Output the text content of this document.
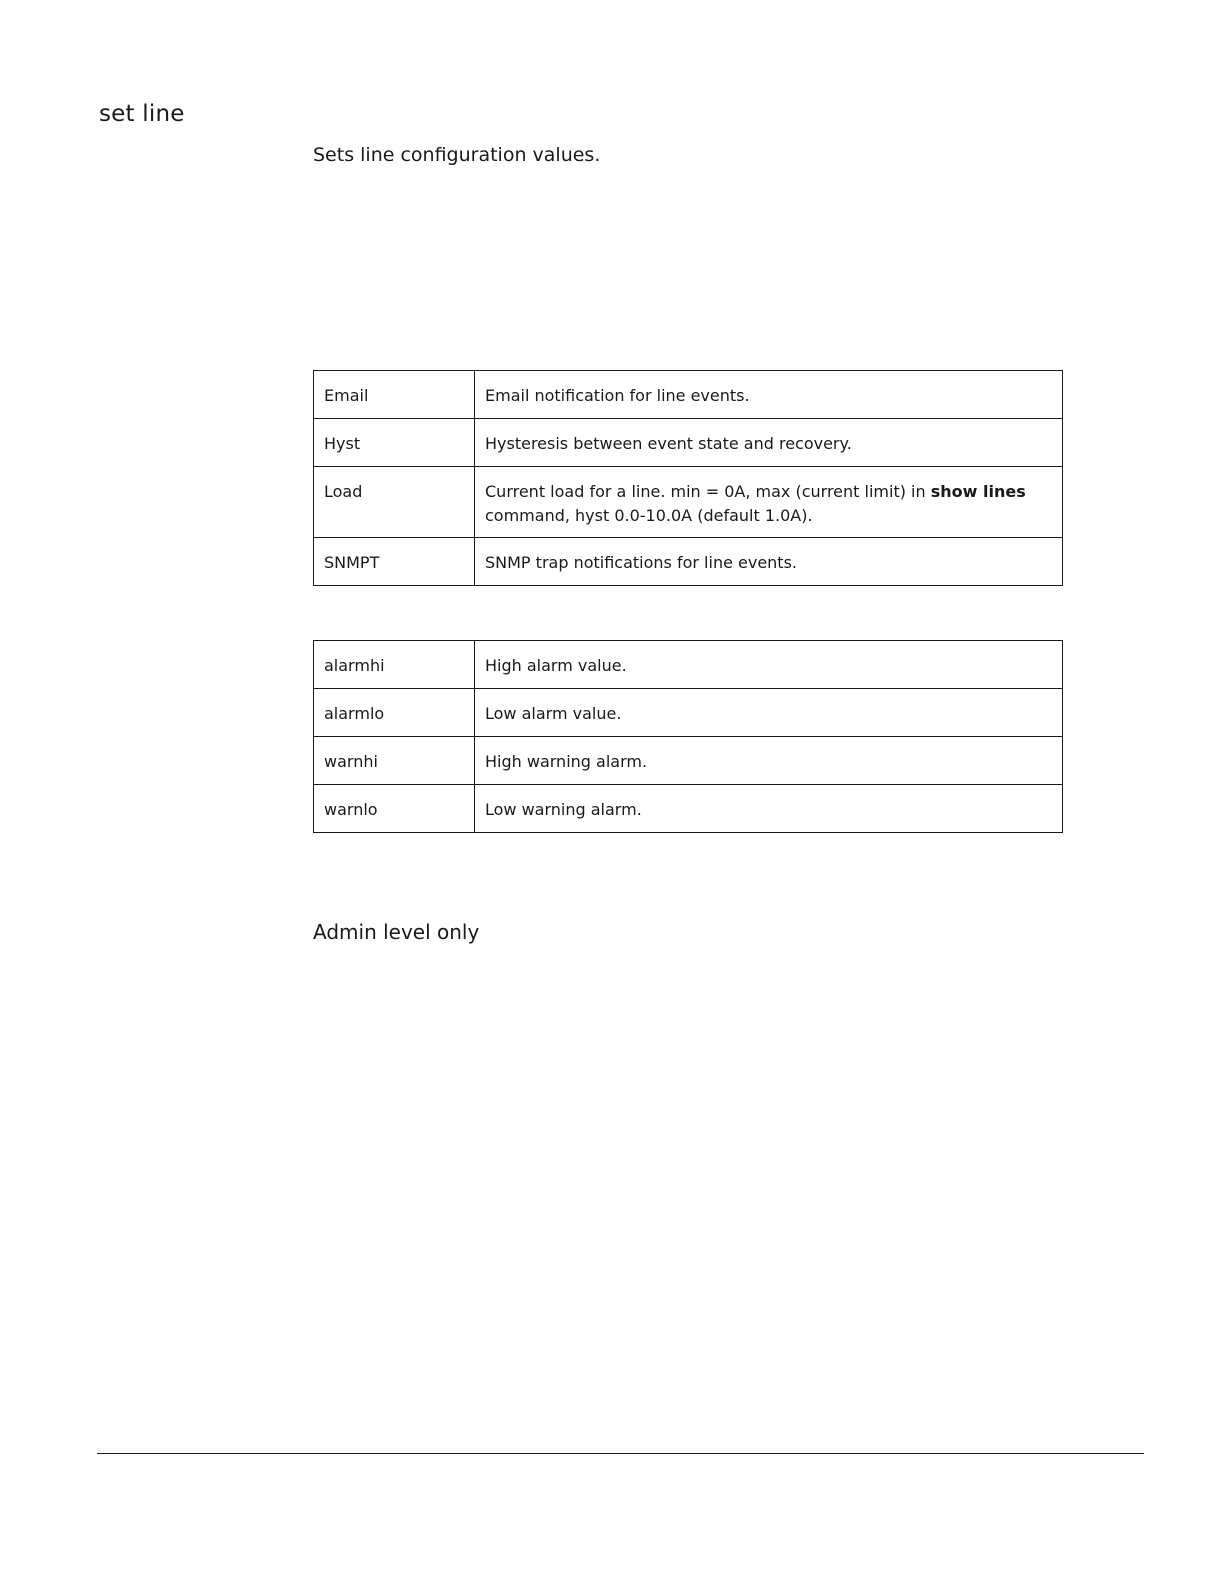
set line

Sets line configuration values.

Email	Email notification for line events.
Hyst	Hysteresis between event state and recovery.
Load	Current load for a line. min = 0A, max (current limit) in show lines command, hyst 0.0-10.0A (default 1.0A).
SNMPT	SNMP trap notifications for line events.
alarmhi	High alarm value.
alarmlo	Low alarm value.
warnhi	High warning alarm.
warnlo	Low warning alarm.

Admin level only
